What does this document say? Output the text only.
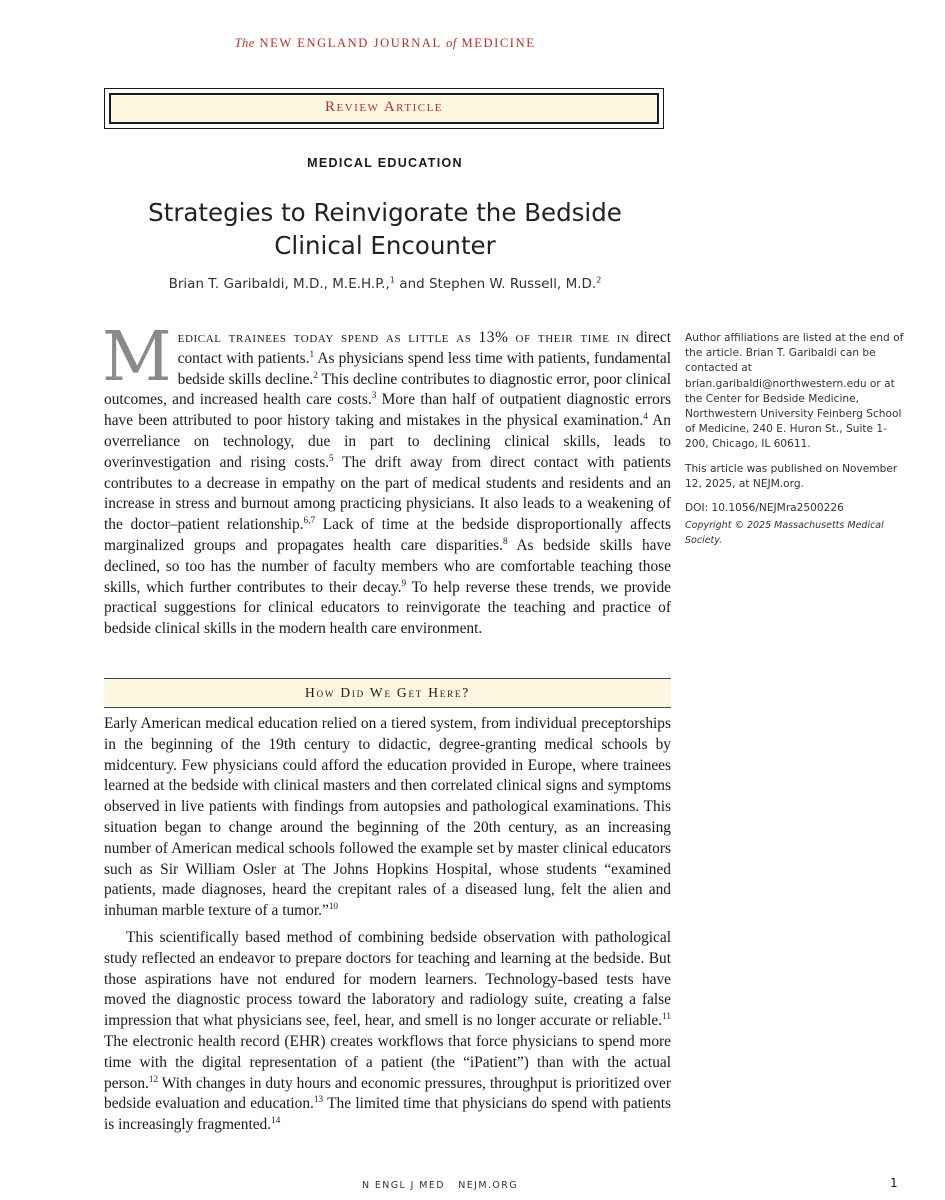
The NEW ENGLAND JOURNAL of MEDICINE
Review Article
MEDICAL EDUCATION
Strategies to Reinvigorate the Bedside
Clinical Encounter
Brian T. Garibaldi, M.D., M.E.H.P.,$^1$ and Stephen W. Russell, M.D.$^2$

Medical trainees today spend as little as 13% of their time in direct contact with patients.$^1$ As physicians spend less time with patients, fundamental bedside skills decline.$^2$ This decline contributes to diagnostic error, poor clinical outcomes, and increased health care costs.$^3$ More than half of outpatient diagnostic errors have been attributed to poor history taking and mistakes in the physical examination.$^4$ An overreliance on technology, due in part to declining clinical skills, leads to overinvestigation and rising costs.$^5$ The drift away from direct contact with patients contributes to a decrease in empathy on the part of medical students and residents and an increase in stress and burnout among practicing physicians. It also leads to a weakening of the doctor–patient relationship.$^{6,7}$ Lack of time at the bedside disproportionally affects marginalized groups and propagates health care disparities.$^8$ As bedside skills have declined, so too has the number of faculty members who are comfortable teaching those skills, which further contributes to their decay.$^9$ To help reverse these trends, we provide practical suggestions for clinical educators to reinvigorate the teaching and practice of bedside clinical skills in the modern health care environment.

Author affiliations are listed at the end of the article. Brian T. Garibaldi can be contacted at brian.garibaldi@northwestern.edu or at the Center for Bedside Medicine, Northwestern University Feinberg School of Medicine, 240 E. Huron St., Suite 1-200, Chicago, IL 60611.

This article was published on November 12, 2025, at NEJM.org.

DOI: 10.1056/NEJMra2500226

Copyright © 2025 Massachusetts Medical Society.

How Did We Get Here?

Early American medical education relied on a tiered system, from individual preceptorships in the beginning of the 19th century to didactic, degree-granting medical schools by midcentury. Few physicians could afford the education provided in Europe, where trainees learned at the bedside with clinical masters and then correlated clinical signs and symptoms observed in live patients with findings from autopsies and pathological examinations. This situation began to change around the beginning of the 20th century, as an increasing number of American medical schools followed the example set by master clinical educators such as Sir William Osler at The Johns Hopkins Hospital, whose students “examined patients, made diagnoses, heard the crepitant rales of a diseased lung, felt the alien and inhuman marble texture of a tumor.”$^{10}$

This scientifically based method of combining bedside observation with pathological study reflected an endeavor to prepare doctors for teaching and learning at the bedside. But those aspirations have not endured for modern learners. Technology-based tests have moved the diagnostic process toward the laboratory and radiology suite, creating a false impression that what physicians see, feel, hear, and smell is no longer accurate or reliable.$^{11}$ The electronic health record (EHR) creates workflows that force physicians to spend more time with the digital representation of a patient (the “iPatient”) than with the actual person.$^{12}$ With changes in duty hours and economic pressures, throughput is prioritized over bedside evaluation and education.$^{13}$ The limited time that physicians do spend with patients is increasingly fragmented.$^{14}$

N ENGL J MED   NEJM.ORG	1
